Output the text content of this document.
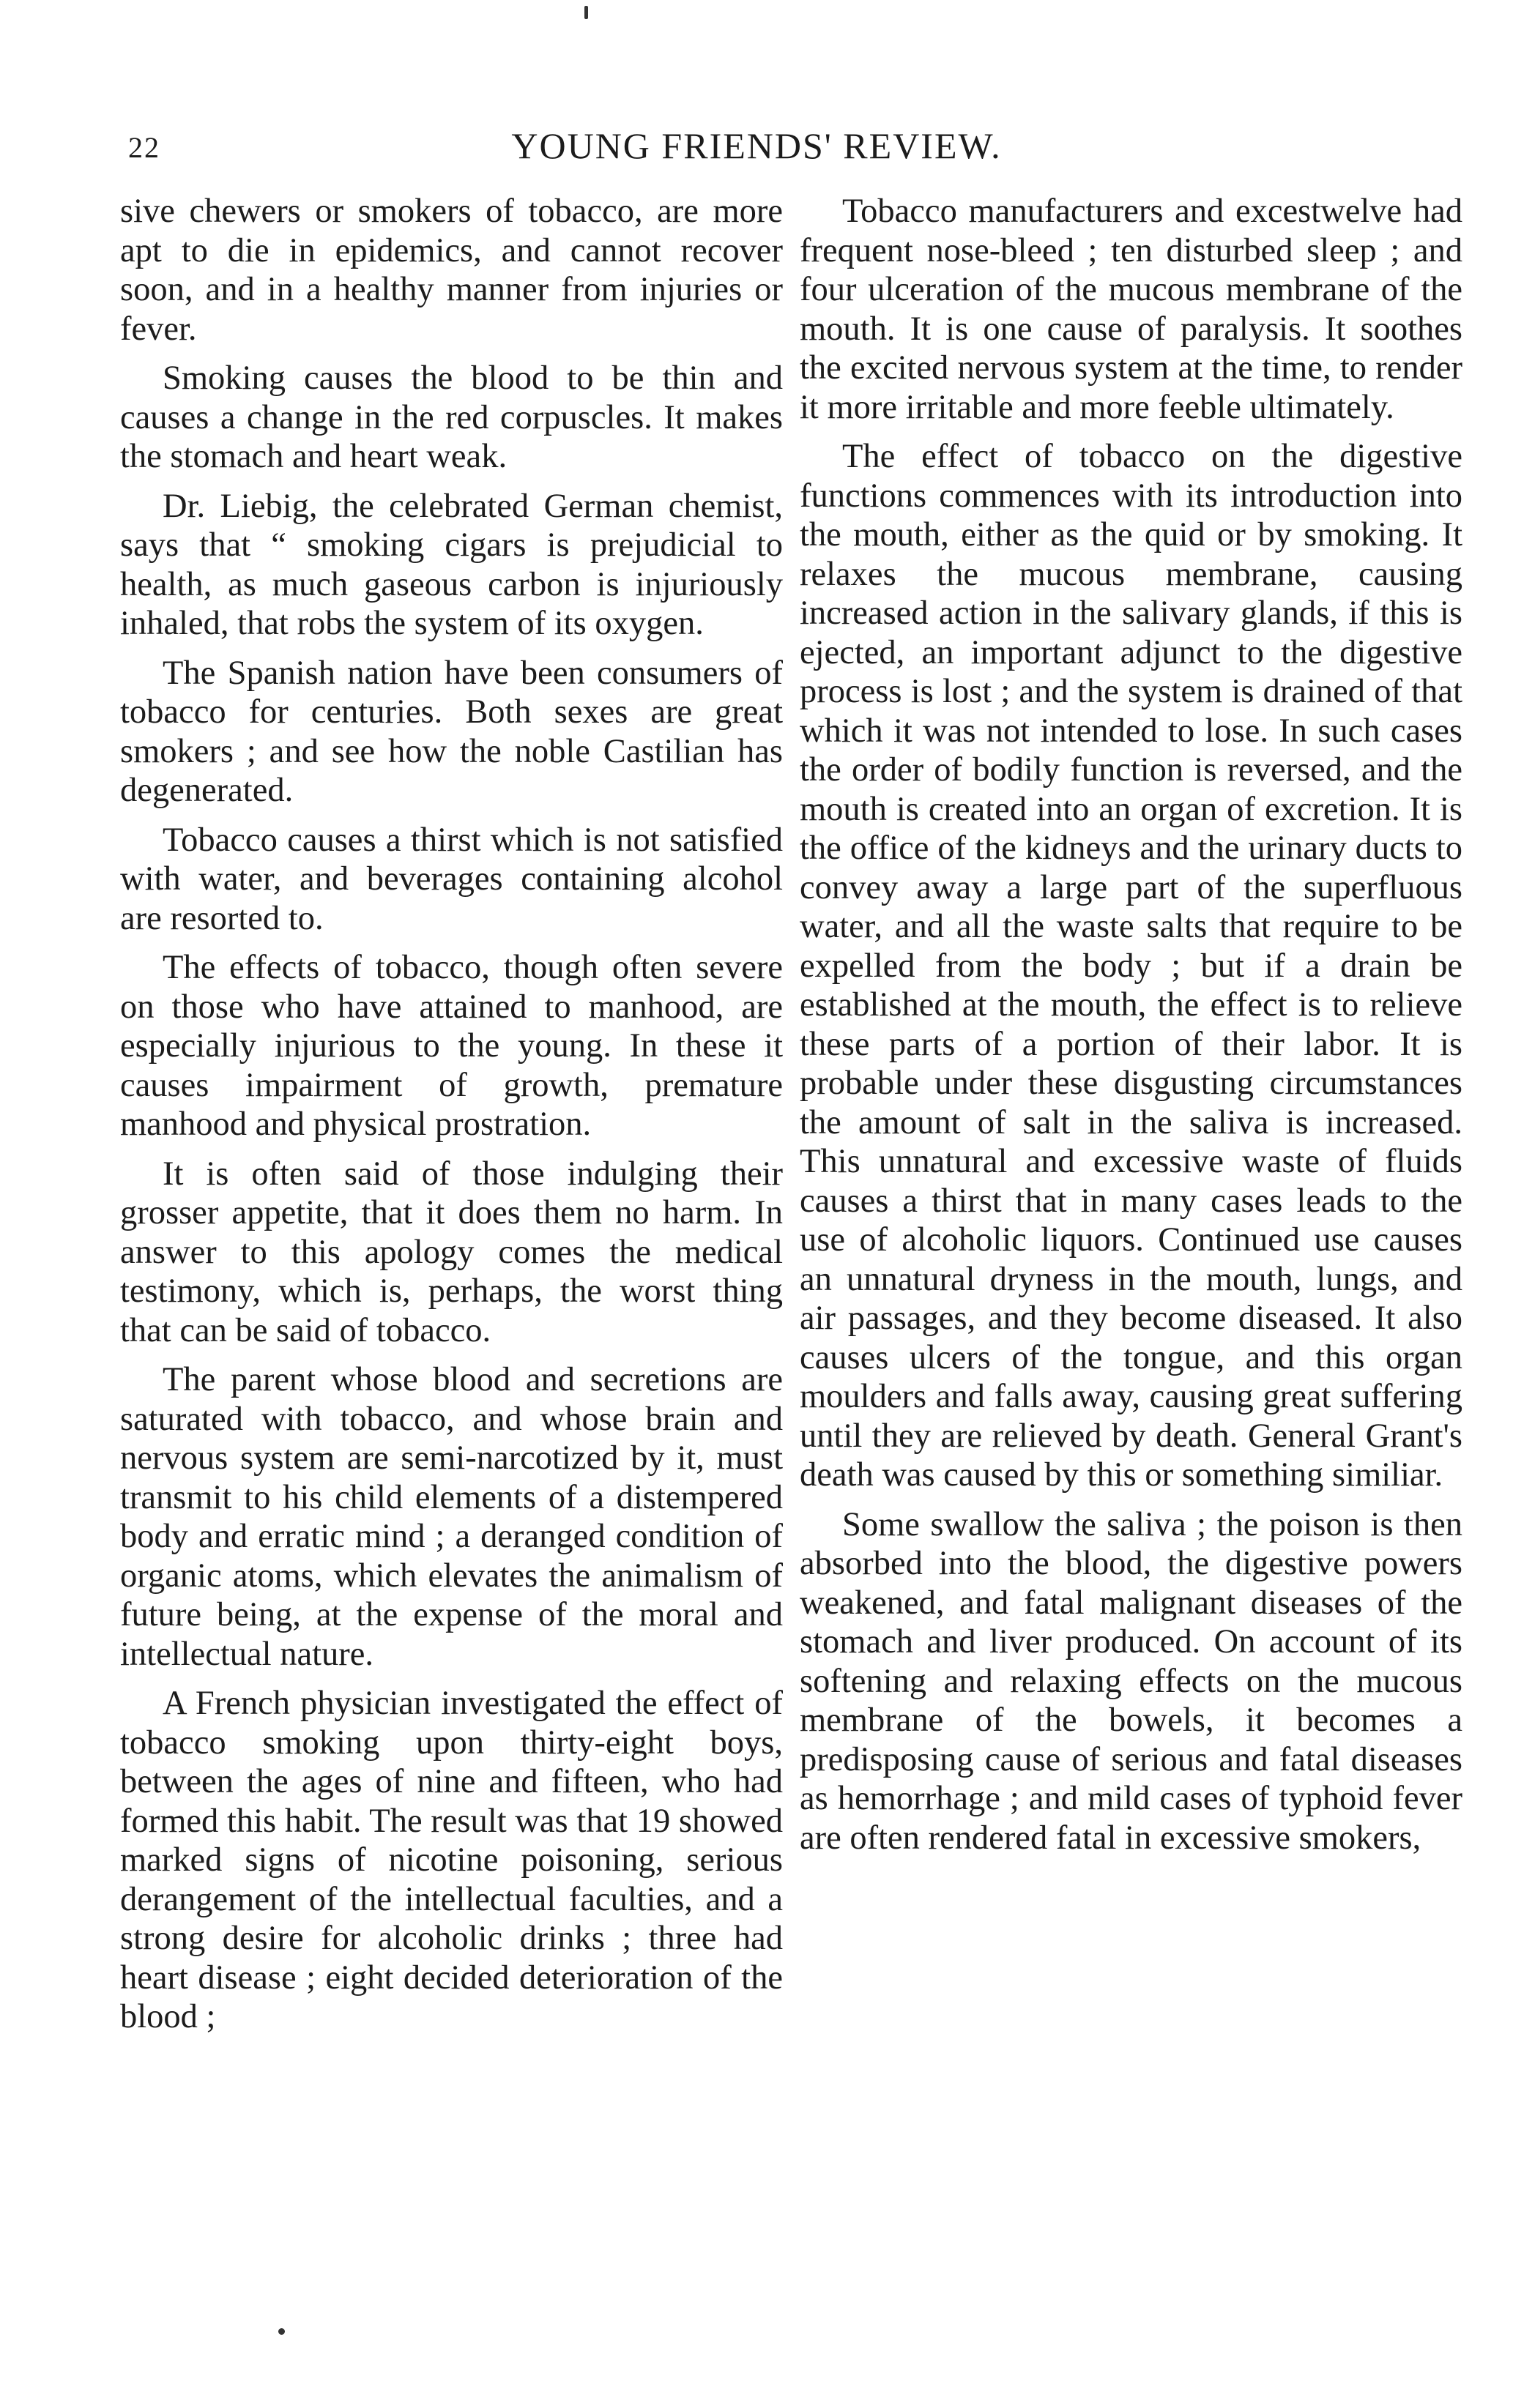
22	YOUNG FRIENDS' REVIEW.

sive chewers or smokers of tobacco, are more apt to die in epidemics, and cannot recover soon, and in a healthy manner from injuries or fever.

Smoking causes the blood to be thin and causes a change in the red corpuscles. It makes the stomach and heart weak.

Dr. Liebig, the celebrated German chemist, says that “ smoking cigars is prejudicial to health, as much gaseous carbon is injuriously inhaled, that robs the system of its oxygen.

The Spanish nation have been consumers of tobacco for centuries. Both sexes are great smokers ; and see how the noble Castilian has degenerated.

Tobacco causes a thirst which is not satisfied with water, and beverages containing alcohol are resorted to.

The effects of tobacco, though often severe on those who have attained to manhood, are especially injurious to the young. In these it causes impairment of growth, premature manhood and physical prostration.

It is often said of those indulging their grosser appetite, that it does them no harm. In answer to this apology comes the medical testimony, which is, perhaps, the worst thing that can be said of tobacco.

The parent whose blood and secretions are saturated with tobacco, and whose brain and nervous system are semi-narcotized by it, must transmit to his child elements of a distempered body and erratic mind ; a deranged condition of organic atoms, which elevates the animalism of future being, at the expense of the moral and intellectual nature.

A French physician investigated the effect of tobacco smoking upon thirty-eight boys, between the ages of nine and fifteen, who had formed this habit. The result was that 19 showed marked signs of nicotine poisoning, serious derangement of the intellectual faculties, and a strong desire for alcoholic drinks ; three had heart disease ; eight decided deterioration of the blood ;

Tobacco manufacturers and excestwelve had frequent nose-bleed ; ten disturbed sleep ; and four ulceration of the mucous membrane of the mouth. It is one cause of paralysis. It soothes the excited nervous system at the time, to render it more irritable and more feeble ultimately.

The effect of tobacco on the digestive functions commences with its introduction into the mouth, either as the quid or by smoking. It relaxes the mucous membrane, causing increased action in the salivary glands, if this is ejected, an important adjunct to the digestive process is lost ; and the system is drained of that which it was not intended to lose. In such cases the order of bodily function is reversed, and the mouth is created into an organ of excretion. It is the office of the kidneys and the urinary ducts to convey away a large part of the superfluous water, and all the waste salts that require to be expelled from the body ; but if a drain be established at the mouth, the effect is to relieve these parts of a portion of their labor. It is probable under these disgusting circumstances the amount of salt in the saliva is increased. This unnatural and excessive waste of fluids causes a thirst that in many cases leads to the use of alcoholic liquors. Continued use causes an unnatural dryness in the mouth, lungs, and air passages, and they become diseased. It also causes ulcers of the tongue, and this organ moulders and falls away, causing great suffering until they are relieved by death. General Grant's death was caused by this or something similiar.

Some swallow the saliva ; the poison is then absorbed into the blood, the digestive powers weakened, and fatal malignant diseases of the stomach and liver produced. On account of its softening and relaxing effects on the mucous membrane of the bowels, it becomes a predisposing cause of serious and fatal diseases as hemorrhage ; and mild cases of typhoid fever are often rendered fatal in excessive smokers,
